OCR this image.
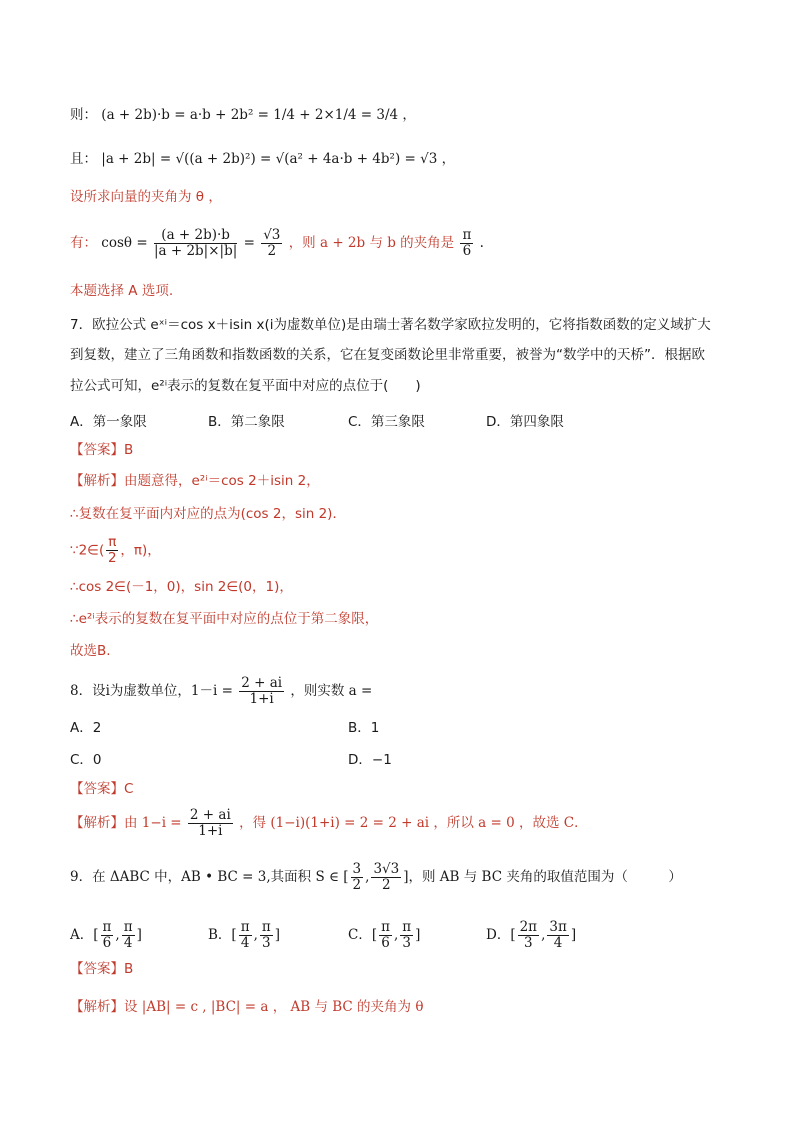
则： (a + 2b)·b = a·b + 2b² = 1/4 + 2×1/4 = 3/4 ，
且： |a + 2b| = √((a + 2b)²) = √(a² + 4a·b + 4b²) = √3 ，
设所求向量的夹角为 θ ，
有： $\cos\theta = \frac{(a + 2b)\cdot b}{|a + 2b|\times|b|} = \frac{√3}{2}$ ，则 a + 2b 与 b 的夹角是 $\frac{\pi}{6}$ .
本题选择 A 选项.
7．欧拉公式 eˣⁱ＝cos x＋isin x(i为虚数单位)是由瑞士著名数学家欧拉发明的，它将指数函数的定义域扩大
到复数，建立了三角函数和指数函数的关系，它在复变函数论里非常重要，被誉为“数学中的天桥”．根据欧
拉公式可知，e²ⁱ表示的复数在复平面中对应的点位于(　　)
A．第一象限	B．第二象限	C．第三象限	D．第四象限
【答案】B
【解析】由题意得，e²ⁱ＝cos 2＋isin 2，
∴复数在复平面内对应的点为(cos 2，sin 2)．
∵2∈( $\frac{\pi}{2}$ ，π)，
∴cos 2∈(－1，0)，sin 2∈(0，1)，
∴e²ⁱ表示的复数在复平面中对应的点位于第二象限，
故选B.
8．设i为虚数单位，$1-i = \frac{2 + ai}{1+i}$ ，则实数 a =
A．2	B．1
C．0	D．−1
【答案】C
【解析】由 $1-i = \frac{2 + ai}{1+i}$ ，得 (1−i)(1+i) = 2 = 2 + ai ，所以 a = 0 ，故选 C．
9．在 ΔABC 中，AB • BC = 3,其面积 S ∈ [ $\frac{3}{2}$ , $\frac{3√3}{2}$ ]，则 AB 与 BC 夹角的取值范围为（　　　）
A．[ $\frac{\pi}{6}$ , $\frac{\pi}{4}$ ]	B．[ $\frac{\pi}{4}$ , $\frac{\pi}{3}$ ]	C．[ $\frac{\pi}{6}$ , $\frac{\pi}{3}$ ]	D．[ $\frac{2\pi}{3}$ , $\frac{3\pi}{4}$ ]
【答案】B
【解析】设 |AB| = c , |BC| = a ， AB 与 BC 的夹角为 θ
